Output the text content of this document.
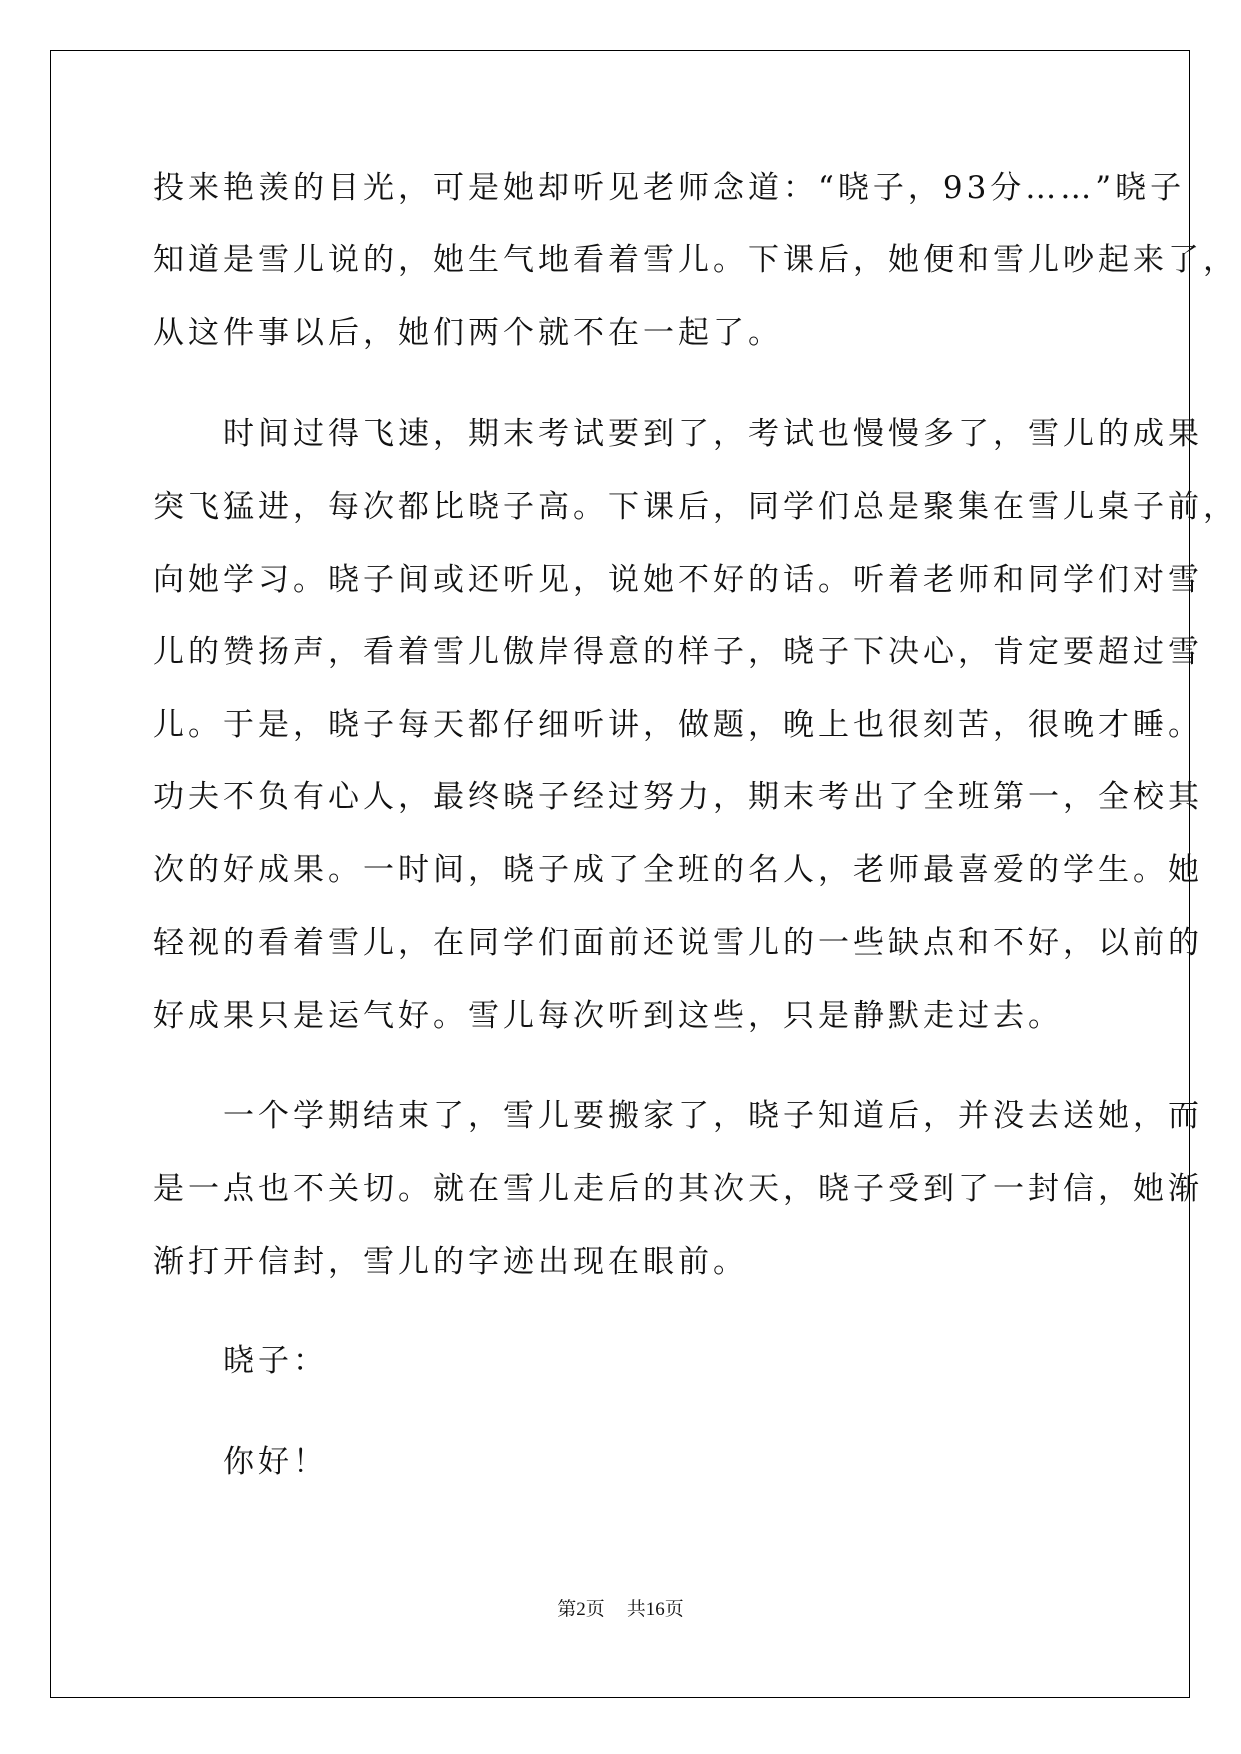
投来艳羡的目光，可是她却听见老师念道：“晓子，93分……”晓子

知道是雪儿说的，她生气地看着雪儿。下课后，她便和雪儿吵起来了，

从这件事以后，她们两个就不在一起了。

　　时间过得飞速，期末考试要到了，考试也慢慢多了，雪儿的成果

突飞猛进，每次都比晓子高。下课后，同学们总是聚集在雪儿桌子前，

向她学习。晓子间或还听见，说她不好的话。听着老师和同学们对雪

儿的赞扬声，看着雪儿傲岸得意的样子，晓子下决心，肯定要超过雪

儿。于是，晓子每天都仔细听讲，做题，晚上也很刻苦，很晚才睡。

功夫不负有心人，最终晓子经过努力，期末考出了全班第一，全校其

次的好成果。一时间，晓子成了全班的名人，老师最喜爱的学生。她

轻视的看着雪儿，在同学们面前还说雪儿的一些缺点和不好，以前的

好成果只是运气好。雪儿每次听到这些，只是静默走过去。

　　一个学期结束了，雪儿要搬家了，晓子知道后，并没去送她，而

是一点也不关切。就在雪儿走后的其次天，晓子受到了一封信，她渐

渐打开信封，雪儿的字迹出现在眼前。

　　晓子：

　　你好！

第2页 共16页
